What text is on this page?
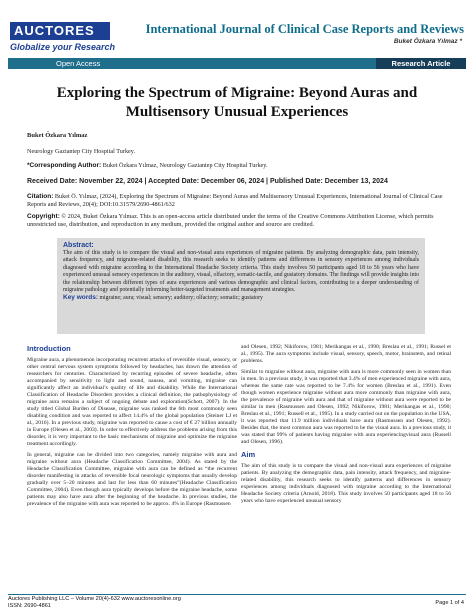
AUCTORES
Globalize your Research
International Journal of Clinical Case Reports and Reviews
Buket Özkara Yılmaz *
Open Access	Research Article
Exploring the Spectrum of Migraine: Beyond Auras and Multisensory Unusual Experiences
Buket Özkara Yılmaz
Neurology Gaziantep City Hospital Turkey.
*Corresponding Author: Buket Özkara Yılmaz, Neurology Gaziantep City Hospital Turkey.
Received Date: November 22, 2024 | Accepted Date: December 06, 2024 | Published Date: December 13, 2024
Citation: Buket Ö. Yılmaz, (2024), Exploring the Spectrum of Migraine: Beyond Auras and Multisensory Unusual Experiences, International Journal of Clinical Case Reports and Reviews, 20(4); DOI:10.31579/2690-4861/632
Copyright: © 2024, Buket Özkara Yılmaz. This is an open-access article distributed under the terms of the Creative Commons Attribution License, which permits unrestricted use, distribution, and reproduction in any medium, provided the original author and source are credited.
Abstract:
The aim of this study is to compare the visual and non-visual aura experiences of migraine patients. By analyzing demographic data, pain intensity, attack frequency, and migraine-related disability, this research seeks to identify patterns and differences in sensory experiences among individuals diagnosed with migraine according to the International Headache Society criteria. This study involves 50 participants aged 18 to 56 years who have experienced unusual sensory experiences in the auditory, visual, olfactory, somatic-tactile, and gustatory domains. The findings will provide insights into the relationship between different types of aura experiences and various demographic and clinical factors, contributing to a deeper understanding of migraine pathology and potentially informing better-targeted treatments and management strategies.
Key words: migraine; aura; visual; sensory; auditory; olfactory; somatic; gustatory
Introduction

Migraine aura, a phenomenon incorporating recurrent attacks of reversible visual, sensory, or other central nervous system symptoms followed by headaches, has drawn the attention of researchers for centuries. Characterized by recurring episodes of severe headache, often accompanied by sensitivity to light and sound, nausea, and vomiting, migraine can significantly affect an individual’s quality of life and disability. While the International Classification of Headache Disorders provides a clinical definition, the pathophysiology of migraine aura remains a subject of ongoing debate and exploration(Schott, 2007). In the study titled Global Burden of Disease, migraine was ranked the 6th most commonly seen disabling condition and was reported to affect 14.4% of the global population (Steiner LJ et al., 2016). In a previous study, migraine was reported to cause a cost of € 27 billion annually in Europe (Olesen et al., 2003). In order to effectively address the problems arising from this disorder, it is very important to the basic mechanisms of migraine and optimize the migraine treatment accordingly.

In general, migraine can be divided into two categories, namely migraine with aura and migraine without aura (Headache Classification Committee, 2004). As stated by the Headache Classification Committee, migraine with aura can be defined as “the recurrent disorder manifesting in attacks of reversible focal neurologic symptoms that usually develop gradually over 5–20 minutes and last for less than 60 minutes”(Headache Classification Committee, 2004). Even though aura typically develops before the migraine headache, some patients may also have aura after the beginning of the headache. In previous studies, the prevalence of the migraine with aura was reported to be approx. 4% in Europe (Rasmussen

and Olesen, 1992; Nikiforow, 1981; Merikangas et al., 1990; Breslau et al., 1991; Russel et al., 1995). The aura symptoms include visual, sensory, speech, motor, brainstem, and retinal problems.

Similar to migraine without aura, migraine with aura is more commonly seen in women than in men. In a previous study, it was reported that 3.4% of men experienced migraine with aura, whereas the same rate was reported to be 7.4% for women (Breslau et al., 1991). Even though women experience migraine without aura more commonly than migraine with aura, the prevalence of migraine with aura and that of migraine without aura were reported to be similar in men (Rasmussen and Olesen, 1992; Nikiforow, 1981; Merikangas et al., 1990; Breslau et al., 1991; Russell et al., 1995). In a study carried out on the population in the USA, it was reported that 11.9 million individuals have aura (Rasmussen and Olesen, 1992). Besides that, the most common aura was reported to be the visual aura. In a previous study, it was stated that 99% of patients having migraine with aura experiencingvisual aura (Russell and Olesen, 1996).

Aim

The aim of this study is to compare the visual and non-visual aura experiences of migraine patients. By analyzing the demographic data, pain intensity, attack frequency, and migraine-related disability, this research seeks to identify patterns and differences in sensory experiences among individuals diagnosed with migraine according to the International Headache Society criteria (Arnold, 2018). This study involves 50 participants aged 18 to 56 years who have experienced unusual sensory

Auctores Publishing LLC – Volume 20(4)-632 www.auctoresonline.org
ISSN: 2690-4861	Page 1 of 4
